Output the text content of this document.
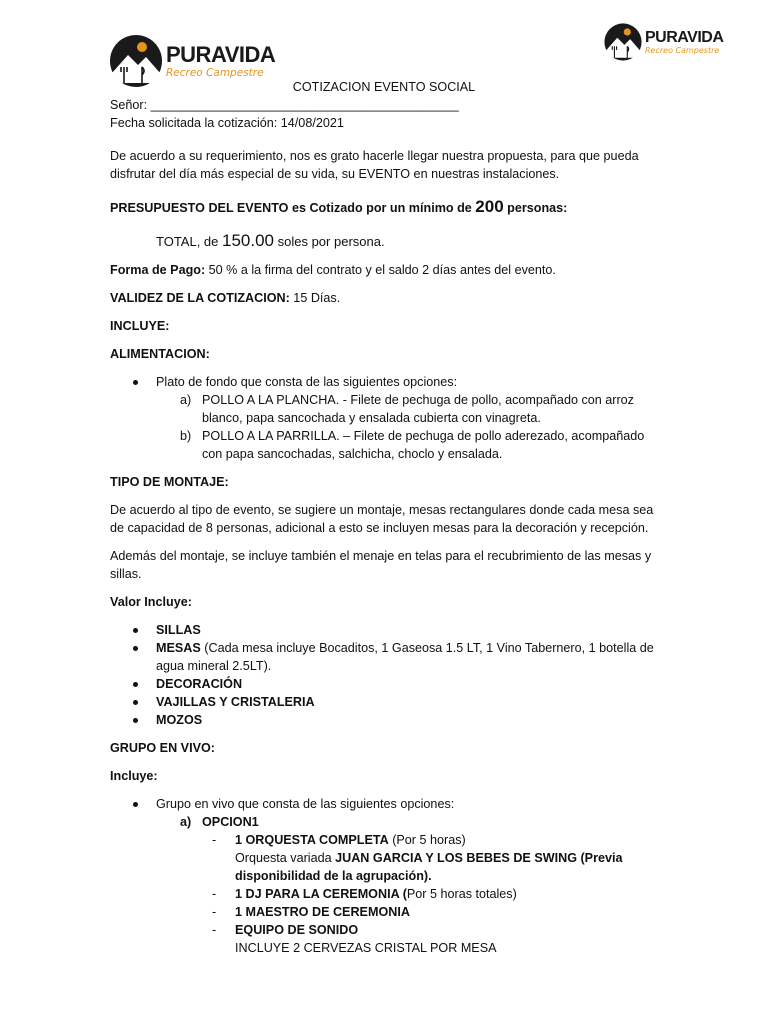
PURAVIDA
Recreo Campestre
PURAVIDA
Recreo Campestre

COTIZACION EVENTO SOCIAL

Señor: ____________________________________________

Fecha solicitada la cotización: 14/08/2021

De acuerdo a su requerimiento, nos es grato hacerle llegar nuestra propuesta, para que pueda disfrutar del día más especial de su vida, su EVENTO en nuestras instalaciones.

PRESUPUESTO DEL EVENTO es Cotizado por un mínimo de 200 personas:

TOTAL, de 150.00 soles por persona.

Forma de Pago: 50 % a la firma del contrato y el saldo 2 días antes del evento.

VALIDEZ DE LA COTIZACION: 15 Días.

INCLUYE:

ALIMENTACION:

Plato de fondo que consta de las siguientes opciones:

a) POLLO A LA PLANCHA. - Filete de pechuga de pollo, acompañado con arroz

blanco, papa sancochada y ensalada cubierta con vinagreta.

b) POLLO A LA PARRILLA. – Filete de pechuga de pollo aderezado, acompañado

con papa sancochadas, salchicha, choclo y ensalada.

TIPO DE MONTAJE:

De acuerdo al tipo de evento, se sugiere un montaje, mesas rectangulares donde cada mesa sea de capacidad de 8 personas, adicional a esto se incluyen mesas para la decoración y recepción.

Además del montaje, se incluye también el menaje en telas para el recubrimiento de las mesas y sillas.

Valor Incluye:

SILLAS
MESAS (Cada mesa incluye Bocaditos, 1 Gaseosa 1.5 LT, 1 Vino Tabernero, 1 botella de agua mineral 2.5LT).
DECORACIÓN
VAJILLAS Y CRISTALERIA
MOZOS

GRUPO EN VIVO:

Incluye:

Grupo en vivo que consta de las siguientes opciones:

a) OPCION1

- 1 ORQUESTA COMPLETA (Por 5 horas)

Orquesta variada JUAN GARCIA Y LOS BEBES DE SWING (Previa

disponibilidad de la agrupación).

- 1 DJ PARA LA CEREMONIA (Por 5 horas totales)

- 1 MAESTRO DE CEREMONIA

- EQUIPO DE SONIDO

INCLUYE 2 CERVEZAS CRISTAL POR MESA
